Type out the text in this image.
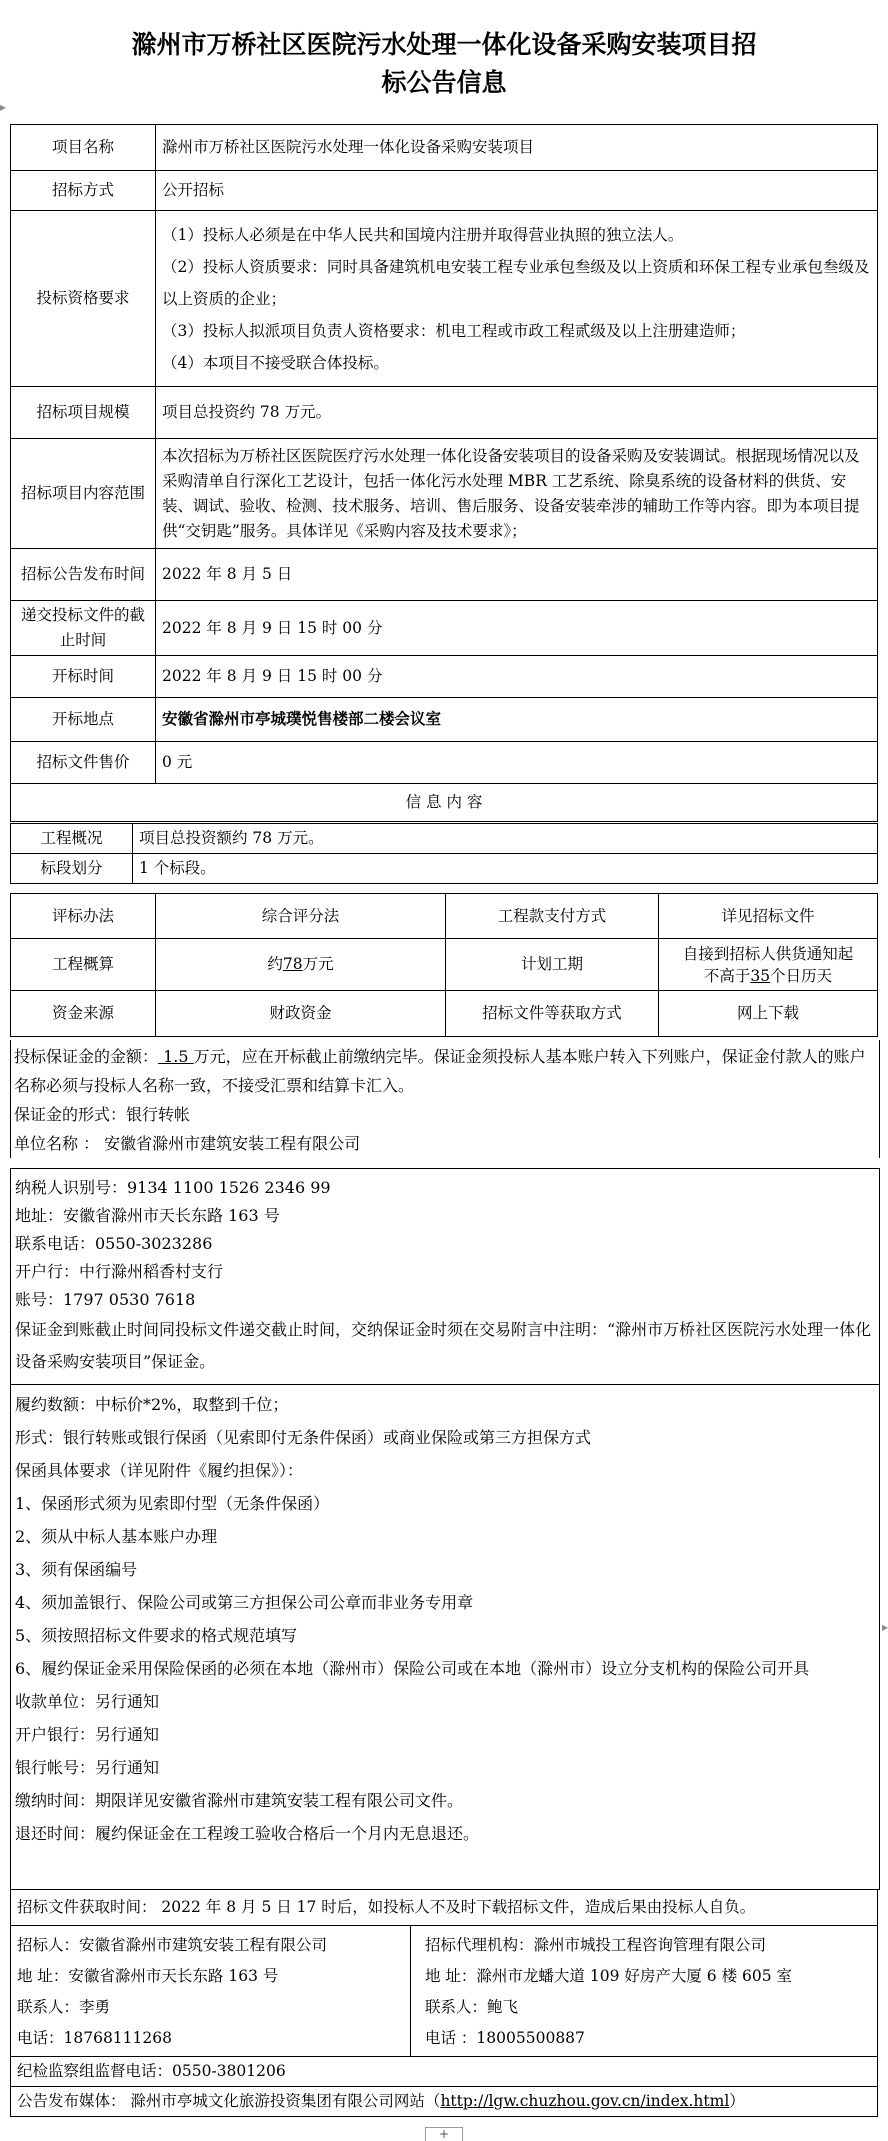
滁州市万桥社区医院污水处理一体化设备采购安装项目招
标公告信息
▸
▸
项目名称	滁州市万桥社区医院污水处理一体化设备采购安装项目
招标方式	公开招标
投标资格要求	（1）投标人必须是在中华人民共和国境内注册并取得营业执照的独立法人。
（2）投标人资质要求：同时具备建筑机电安装工程专业承包叁级及以上资质和环保工程专业承包叁级及以上资质的企业；
（3）投标人拟派项目负责人资格要求：机电工程或市政工程贰级及以上注册建造师；
（4）本项目不接受联合体投标。

招标项目规模	项目总投资约 78 万元。
招标项目内容范围	本次招标为万桥社区医院医疗污水处理一体化设备安装项目的设备采购及安装调试。根据现场情况以及采购清单自行深化工艺设计，包括一体化污水处理 MBR 工艺系统、除臭系统的设备材料的供货、安装、调试、验收、检测、技术服务、培训、售后服务、设备安装牵涉的辅助工作等内容。即为本项目提供“交钥匙”服务。具体详见《采购内容及技术要求》；
招标公告发布时间	2022 年 8 月 5 日
递交投标文件的截止时间	2022 年 8 月 9 日 15 时 00 分
开标时间	2022 年 8 月 9 日 15 时 00 分
开标地点	安徽省滁州市亭城璞悦售楼部二楼会议室
招标文件售价	0 元
信 息 内 容	
工程概况	项目总投资额约 78 万元。
标段划分	1 个标段。
评标办法	综合评分法	工程款支付方式	详见招标文件
工程概算	约78万元	计划工期	自接到招标人供货通知起
不高于35个日历天

资金来源	财政资金	招标文件等获取方式	网上下载

投标保证金的金额： 1.5 万元，应在开标截止前缴纳完毕。保证金须投标人基本账户转入下列账户，保证金付款人的账户名称必须与投标人名称一致，不接受汇票和结算卡汇入。

保证金的形式：银行转帐

单位名称 ： 安徽省滁州市建筑安装工程有限公司

纳税人识别号：9134 1100 1526 2346 99

地址：安徽省滁州市天长东路 163 号

联系电话：0550-3023286

开户行：中行滁州稻香村支行

账号：1797 0530 7618

保证金到账截止时间同投标文件递交截止时间，交纳保证金时须在交易附言中注明：“滁州市万桥社区医院污水处理一体化设备采购安装项目”保证金。

履约数额：中标价*2%，取整到千位；

形式：银行转账或银行保函（见索即付无条件保函）或商业保险或第三方担保方式

保函具体要求（详见附件《履约担保》）：

1、保函形式须为见索即付型（无条件保函）

2、须从中标人基本账户办理

3、须有保函编号

4、须加盖银行、保险公司或第三方担保公司公章而非业务专用章

5、须按照招标文件要求的格式规范填写

6、履约保证金采用保险保函的必须在本地（滁州市）保险公司或在本地（滁州市）设立分支机构的保险公司开具

收款单位：另行通知

开户银行：另行通知

银行帐号：另行通知

缴纳时间：期限详见安徽省滁州市建筑安装工程有限公司文件。

退还时间：履约保证金在工程竣工验收合格后一个月内无息退还。

招标文件获取时间： 2022 年 8 月 5 日 17 时后，如投标人不及时下载招标文件，造成后果由投标人自负。

招标人：安徽省滁州市建筑安装工程有限公司
地 址：安徽省滁州市天长东路 163 号
联系人：李勇
电话：18768111268

招标代理机构：滁州市城投工程咨询管理有限公司
地 址：滁州市龙蟠大道 109 好房产大厦 6 楼 605 室
联系人：鲍飞
电话 ：18005500887

纪检监察组监督电话：0550-3801206
公告发布媒体： 滁州市亭城文化旅游投资集团有限公司网站（http://lgw.chuzhou.gov.cn/index.html）
+
